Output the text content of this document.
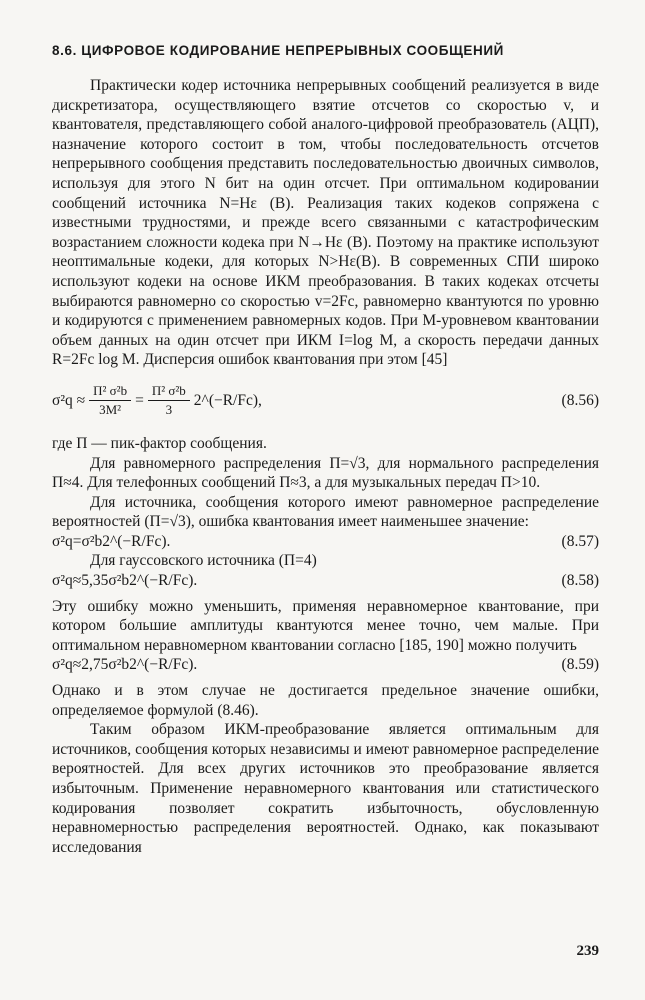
8.6. ЦИФРОВОЕ КОДИРОВАНИЕ НЕПРЕРЫВНЫХ СООБЩЕНИЙ

Практически кодер источника непрерывных сообщений реализуется в виде дискретизатора, осуществляющего взятие отсчетов со скоростью v, и квантователя, представляющего собой аналого-цифровой преобразователь (АЦП), назначение которого состоит в том, чтобы последовательность отсчетов непрерывного сообщения представить последовательностью двоичных символов, используя для этого N бит на один отсчет. При оптимальном кодировании сообщений источника N=Hε (B). Реализация таких кодеков сопряжена с известными трудностями, и прежде всего связанными с катастрофическим возрастанием сложности кодека при N→Hε (B). Поэтому на практике используют неоптимальные кодеки, для которых N>Hε(B). В современных СПИ широко используют кодеки на основе ИКМ преобразования. В таких кодеках отсчеты выбираются равномерно со скоростью v=2Fc, равномерно квантуются по уровню и кодируются с применением равномерных кодов. При M-уровневом квантовании объем данных на один отсчет при ИКМ I=log M, а скорость передачи данных R=2Fc log M. Дисперсия ошибок квантования при этом [45]

$\sigma^2q \approx \frac{\text{Π² σ²b}}{\text{3M²}} = \frac{\text{Π² σ²b}}{3}$ 2^(−R/Fc),	(8.56)

где Π — пик-фактор сообщения.

Для равномерного распределения Π=√3, для нормального распределения Π≈4. Для телефонных сообщений Π≈3, а для музыкальных передач Π>10.

Для источника, сообщения которого имеют равномерное распределение вероятностей (Π=√3), ошибка квантования имеет наименьшее значение:

σ²q=σ²b2^(−R/Fc).	(8.57)

Для гауссовского источника (Π=4)

σ²q≈5,35σ²b2^(−R/Fc).	(8.58)

Эту ошибку можно уменьшить, применяя неравномерное квантование, при котором большие амплитуды квантуются менее точно, чем малые. При оптимальном неравномерном квантовании согласно [185, 190] можно получить

σ²q≈2,75σ²b2^(−R/Fc).	(8.59)

Однако и в этом случае не достигается предельное значение ошибки, определяемое формулой (8.46).

Таким образом ИКМ-преобразование является оптимальным для источников, сообщения которых независимы и имеют равномерное распределение вероятностей. Для всех других источников это преобразование является избыточным. Применение неравномерного квантования или статистического кодирования позволяет сократить избыточность, обусловленную неравномерностью распределения вероятностей. Однако, как показывают исследования

239
